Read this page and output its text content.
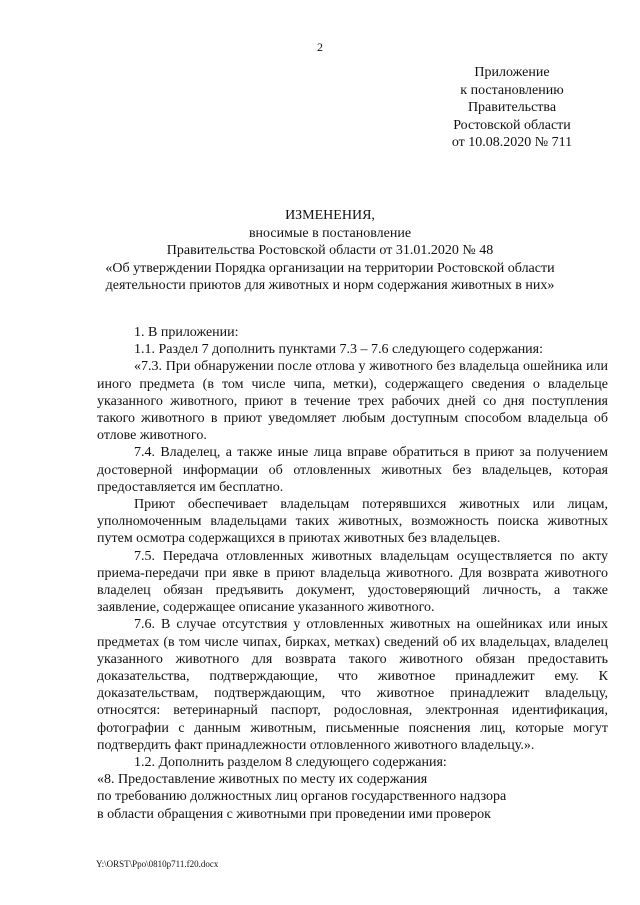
2
Приложение
к постановлению
Правительства
Ростовской области
от 10.08.2020 № 711
ИЗМЕНЕНИЯ,
вносимые в постановление
Правительства Ростовской области от 31.01.2020 № 48
«Об утверждении Порядка организации на территории Ростовской области
деятельности приютов для животных и норм содержания животных в них»

1. В приложении:

1.1. Раздел 7 дополнить пунктами 7.3 – 7.6 следующего содержания:

«7.3. При обнаружении после отлова у животного без владельца ошейника или иного предмета (в том числе чипа, метки), содержащего сведения о владельце указанного животного, приют в течение трех рабочих дней со дня поступления такого животного в приют уведомляет любым доступным способом владельца об отлове животного.

7.4. Владелец, а также иные лица вправе обратиться в приют за получением достоверной информации об отловленных животных без владельцев, которая предоставляется им бесплатно.

Приют обеспечивает владельцам потерявшихся животных или лицам, уполномоченным владельцами таких животных, возможность поиска животных путем осмотра содержащихся в приютах животных без владельцев.

7.5. Передача отловленных животных владельцам осуществляется по акту приема-передачи при явке в приют владельца животного. Для возврата животного владелец обязан предъявить документ, удостоверяющий личность, а также заявление, содержащее описание указанного животного.

7.6. В случае отсутствия у отловленных животных на ошейниках или иных предметах (в том числе чипах, бирках, метках) сведений об их владельцах, владелец указанного животного для возврата такого животного обязан предоставить доказательства, подтверждающие, что животное принадлежит ему. К доказательствам, подтверждающим, что животное принадлежит владельцу, относятся: ветеринарный паспорт, родословная, электронная идентификация, фотографии с данным животным, письменные пояснения лиц, которые могут подтвердить факт принадлежности отловленного животного владельцу.».

1.2. Дополнить разделом 8 следующего содержания:

«8. Предоставление животных по месту их содержания
по требованию должностных лиц органов государственного надзора
в области обращения с животными при проведении ими проверок

Y:\ORST\Ppo\0810p711.f20.docx
